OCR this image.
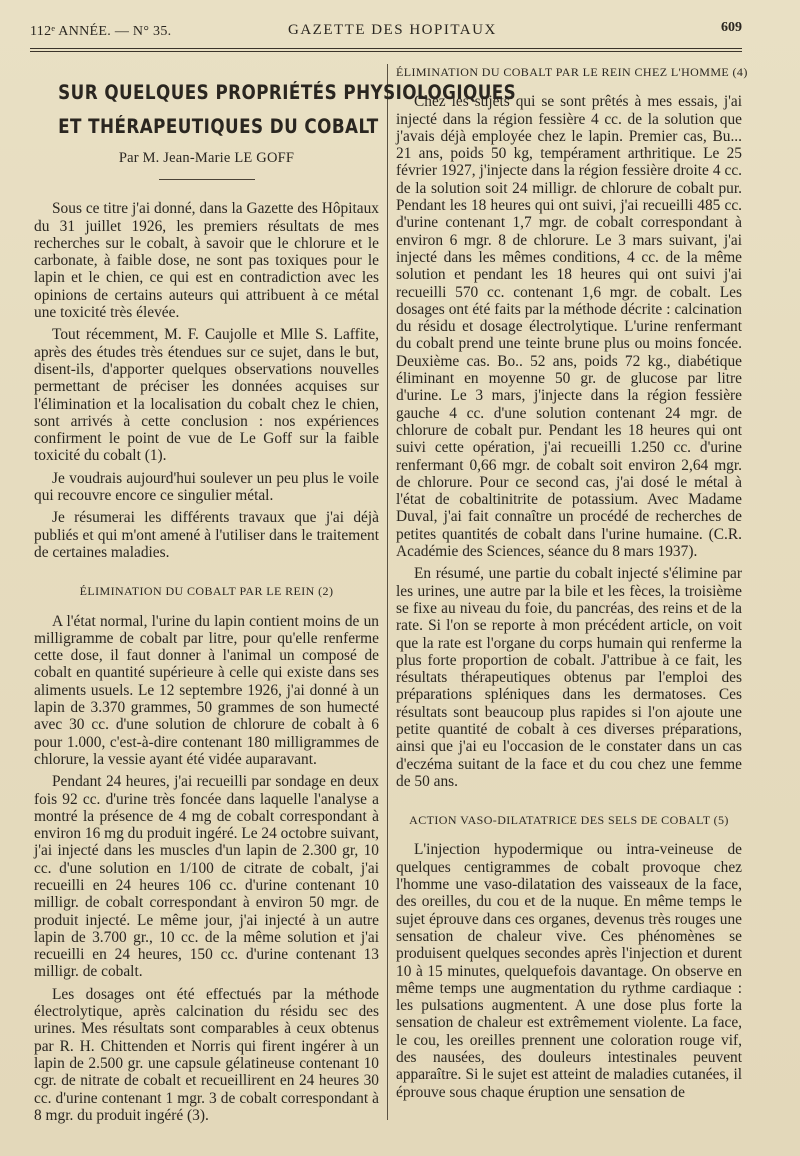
112ᵉ ANNÉE. — N° 35.	GAZETTE DES HOPITAUX	609
SUR QUELQUES PROPRIÉTÉS PHYSIOLOGIQUES
ET THÉRAPEUTIQUES DU COBALT
Par M. Jean-Marie LE GOFF

Sous ce titre j'ai donné, dans la Gazette des Hôpitaux du 31 juillet 1926, les premiers résultats de mes recherches sur le cobalt, à savoir que le chlorure et le carbonate, à faible dose, ne sont pas toxiques pour le lapin et le chien, ce qui est en contradiction avec les opinions de certains auteurs qui attribuent à ce métal une toxicité très élevée.

Tout récemment, M. F. Caujolle et Mlle S. Laffite, après des études très étendues sur ce sujet, dans le but, disent-ils, d'apporter quelques observations nouvelles permettant de préciser les données acquises sur l'élimination et la localisation du cobalt chez le chien, sont arrivés à cette conclusion : nos expériences confirment le point de vue de Le Goff sur la faible toxicité du cobalt (1).

Je voudrais aujourd'hui soulever un peu plus le voile qui recouvre encore ce singulier métal.

Je résumerai les différents travaux que j'ai déjà publiés et qui m'ont amené à l'utiliser dans le traitement de certaines maladies.

ÉLIMINATION DU COBALT PAR LE REIN (2)

A l'état normal, l'urine du lapin contient moins de un milligramme de cobalt par litre, pour qu'elle renferme cette dose, il faut donner à l'animal un composé de cobalt en quantité supérieure à celle qui existe dans ses aliments usuels. Le 12 septembre 1926, j'ai donné à un lapin de 3.370 grammes, 50 grammes de son humecté avec 30 cc. d'une solution de chlorure de cobalt à 6 pour 1.000, c'est-à-dire contenant 180 milligrammes de chlorure, la vessie ayant été vidée auparavant.

Pendant 24 heures, j'ai recueilli par sondage en deux fois 92 cc. d'urine très foncée dans laquelle l'analyse a montré la présence de 4 mg de cobalt correspondant à environ 16 mg du produit ingéré. Le 24 octobre suivant, j'ai injecté dans les muscles d'un lapin de 2.300 gr, 10 cc. d'une solution en 1/100 de citrate de cobalt, j'ai recueilli en 24 heures 106 cc. d'urine contenant 10 milligr. de cobalt correspondant à environ 50 mgr. de produit injecté. Le même jour, j'ai injecté à un autre lapin de 3.700 gr., 10 cc. de la même solution et j'ai recueilli en 24 heures, 150 cc. d'urine contenant 13 milligr. de cobalt.

Les dosages ont été effectués par la méthode électrolytique, après calcination du résidu sec des urines. Mes résultats sont comparables à ceux obtenus par R. H. Chittenden et Norris qui firent ingérer à un lapin de 2.500 gr. une capsule gélatineuse contenant 10 cgr. de nitrate de cobalt et recueillirent en 24 heures 30 cc. d'urine contenant 1 mgr. 3 de cobalt correspondant à 8 mgr. du produit ingéré (3).

ÉLIMINATION DU COBALT PAR LE REIN CHEZ L'HOMME (4)

Chez les sujets qui se sont prêtés à mes essais, j'ai injecté dans la région fessière 4 cc. de la solution que j'avais déjà employée chez le lapin. Premier cas, Bu... 21 ans, poids 50 kg, tempérament arthritique. Le 25 février 1927, j'injecte dans la région fessière droite 4 cc. de la solution soit 24 milligr. de chlorure de cobalt pur. Pendant les 18 heures qui ont suivi, j'ai recueilli 485 cc. d'urine contenant 1,7 mgr. de cobalt correspondant à environ 6 mgr. 8 de chlorure. Le 3 mars suivant, j'ai injecté dans les mêmes conditions, 4 cc. de la même solution et pendant les 18 heures qui ont suivi j'ai recueilli 570 cc. contenant 1,6 mgr. de cobalt. Les dosages ont été faits par la méthode décrite : calcination du résidu et dosage électrolytique. L'urine renfermant du cobalt prend une teinte brune plus ou moins foncée. Deuxième cas. Bo.. 52 ans, poids 72 kg., diabétique éliminant en moyenne 50 gr. de glucose par litre d'urine. Le 3 mars, j'injecte dans la région fessière gauche 4 cc. d'une solution contenant 24 mgr. de chlorure de cobalt pur. Pendant les 18 heures qui ont suivi cette opération, j'ai recueilli 1.250 cc. d'urine renfermant 0,66 mgr. de cobalt soit environ 2,64 mgr. de chlorure. Pour ce second cas, j'ai dosé le métal à l'état de cobaltinitrite de potassium. Avec Madame Duval, j'ai fait connaître un procédé de recherches de petites quantités de cobalt dans l'urine humaine. (C.R. Académie des Sciences, séance du 8 mars 1937).

En résumé, une partie du cobalt injecté s'élimine par les urines, une autre par la bile et les fèces, la troisième se fixe au niveau du foie, du pancréas, des reins et de la rate. Si l'on se reporte à mon précédent article, on voit que la rate est l'organe du corps humain qui renferme la plus forte proportion de cobalt. J'attribue à ce fait, les résultats thérapeutiques obtenus par l'emploi des préparations spléniques dans les dermatoses. Ces résultats sont beaucoup plus rapides si l'on ajoute une petite quantité de cobalt à ces diverses préparations, ainsi que j'ai eu l'occasion de le constater dans un cas d'eczéma suitant de la face et du cou chez une femme de 50 ans.

ACTION VASO-DILATATRICE DES SELS DE COBALT (5)

L'injection hypodermique ou intra-veineuse de quelques centigrammes de cobalt provoque chez l'homme une vaso-dilatation des vaisseaux de la face, des oreilles, du cou et de la nuque. En même temps le sujet éprouve dans ces organes, devenus très rouges une sensation de chaleur vive. Ces phénomènes se produisent quelques secondes après l'injection et durent 10 à 15 minutes, quelquefois davantage. On observe en même temps une augmentation du rythme cardiaque : les pulsations augmentent. A une dose plus forte la sensation de chaleur est extrêmement violente. La face, le cou, les oreilles prennent une coloration rouge vif, des nausées, des douleurs intestinales peuvent apparaître. Si le sujet est atteint de maladies cutanées, il éprouve sous chaque éruption une sensation de
